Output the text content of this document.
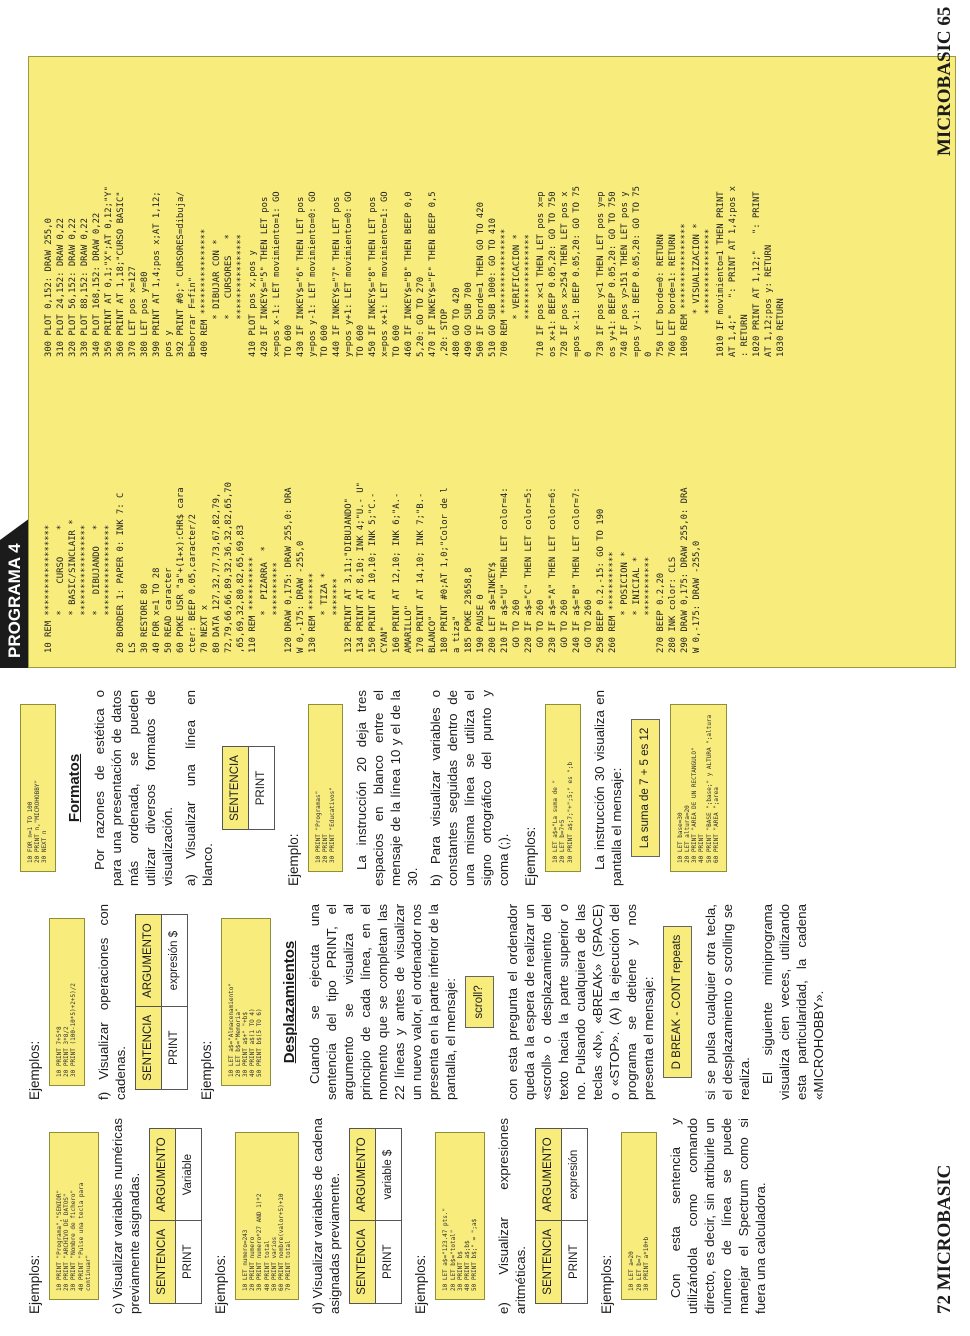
72 MICROBASIC

Ejemplos:	10 PRINT "Programa","SENIOR"
20 PRINT "ARCHIVO DE DATOS"
30 PRINT "Nombre de fichero"
40 PRINT "Pulse una tecla para
continuar"	c) Visualizar variables numéricas previamente asignadas. SENTENCIA	ARGUMENTO
PRINT	Variable

Ejemplos:	10 LET numero=243
20 PRINT numero
30 PRINT numero*27 AND 1)*2
40 PRINT total
50 PRINT varios
60 PRINT nombre(valor+5)+10
70 PRINT total	d) Visualizar variables de cadena asignadas previamente. SENTENCIA	ARGUMENTO
PRINT	variable $

Ejemplos:	10 LET a$="123.47 pts."
20 LET b$="total"
30 PRINT b$
40 PRINT a$;b$
50 PRINT b$;" = ";a$	e) Visualizar expresiones aritméticas. SENTENCIA	ARGUMENTO
PRINT	expresión

Ejemplos:	10 LET a=20
20 LET b=7
30 PRINT a*10+b	Con esta sentencia y utilizándola como comando directo, es decir, sin atribuirle un número de línea se puede manejar el Spectrum como si fuera una calculadora.

Ejemplos:	10 PRINT 7+5*8
20 PRINT 3*8/2
30 PRINT (100-10*5)+2+5)/2	f) Visualizar operaciones con cadenas. SENTENCIA	ARGUMENTO
PRINT	expresión $

Ejemplos:	10 LET a$="Almacenamiento"
20 LET b$="Memoria"
30 PRINT a$+" "+b$
40 PRINT a$(1 TO 4)
50 PRINT b$(5 TO 6)	Desplazamientos Cuando se ejecuta una sentencia del tipo PRINT, el argumento se visualiza al principio de cada línea, en el momento que se completan las 22 líneas y antes de visualizar un nuevo valor, el ordenador nos presenta en la parte inferior de la pantalla, el mensaje:	scroll?	con esta pregunta el ordenador queda a la espera de realizar un «scroll» o desplazamiento del texto hacia la parte superior o no. Pulsando cualquiera de las teclas «N», «BREAK» (SPACE) o «STOP». (A) la ejecución del programa se detiene y nos presenta el mensaje:	D BREAK - CONT repeats	si se pulsa cualquier otra tecla, el desplazamiento o scrolling se realiza. El siguiente miniprograma visualiza cien veces, utilizando esta particularidad, la cadena «MICROHOBBY».

10 FOR n=1 TO 100
20 PRINT n,"MICROHOBBY"
30 NEXT n

Formatos Por razones de estética o para una presentación de datos más ordenada, se pueden utilizar diversos formatos de visualización. a) Visualizar una línea en blanco.

SENTENCIA
PRINT

Ejemplo:	10 PRINT "Programas"
20 PRINT
30 PRINT "Educativos"	La instrucción 20 deja tres espacios en blanco entre el mensaje de la línea 10 y el de la 30. b) Para visualizar variables o constantes seguidas dentro de una misma línea se utiliza el signo ortográfico del punto y coma (;). Ejemplos:	10 LET a$="La suma de "
20 LET b=7+5
30 PRINT a$;7;"+";5;" es ";b	La instrucción 30 visualiza en pantalla el mensaje:	La suma de 7 + 5 es 12
10 LET base=30
20 LET altura=20
30 PRINT "AREA DE UN RECTANGULO"
40 PRINT
50 PRINT "BASE ";base;" y ALTURA ";altura
60 PRINT "AREA ";area
PROGRAMA 4	10 REM *****************
*     CURSO     *
* BASIC/SINCLAIR *
*****************
*   DIBUJANDO   *
*****************
20 BORDER 1: PAPER 0: INK 7: C
LS
30 RESTORE 80
40 FOR x=1 TO 28
50 READ caracter
60 POKE USR "a"+(1+x):CHR$ cara
cter: BEEP 0.05,caracter/2
70 NEXT x
80 DATA 127,32,77,73,67,82,79,
72,79,66,66,89,32,36,32,82,65,70
,65,69,32,80,82,65,69,83
110 REM **********
*  PIZARRA  *
**********
120 DRAW 0,175: DRAW 255,0: DRA
W 0,-175: DRAW -255,0
130 REM *******
* TIZA *
*******
132 PRINT AT 3,11;"DIBUJANDO"
134 PRINT AT 8,10; INK 4;"U.- U"
150 PRINT AT 10,10; INK 5;"C.-
CYAN"
160 PRINT AT 12,10; INK 6;"A.-
AMARILLO"
170 PRINT AT 14,10; INK 7;"B.-
BLANCO"
180 PRINT #0;AT 1,0;"Color de l
a tiza"
185 POKE 23658,8
190 PAUSE 0
200 LET a$=INKEY$
210 IF a$="U" THEN LET color=4:
GO TO 260
220 IF a$="C" THEN LET color=5:
GO TO 260
230 IF a$="A" THEN LET color=6:
GO TO 260
240 IF a$="B" THEN LET color=7:
GO TO 260
250 BEEP 0.2,-15: GO TO 190
260 REM ***********
* POSICION *
* INICIAL *
***********
270 BEEP 0.2,20
280 INK color: CLS
290 DRAW 0,175: DRAW 255,0: DRA
W 0,-175: DRAW -255,0
300 PLOT 0,152: DRAW 255,0
310 PLOT 24,152: DRAW 0,22
320 PLOT 56,152: DRAW 0,22
330 PLOT 88,152: DRAW 0,22
340 PLOT 168,152: DRAW 0,22
350 PRINT AT 0,1;"X";AT 0,12;"Y"
360 PRINT AT 1,18;"CURSO BASIC"
370 LET pos x=127
380 LET pos y=80
390 PRINT AT 1,4;pos x;AT 1,12;
pos y
392 PRINT #0;" CURSORES=dibuja/
B=borrar F=fin"
400 REM ****************
* DIBUJAR CON *
*   CURSORES   *
****************
410 PLOT pos x,pos y
420 IF INKEY$="5" THEN LET pos
x=pos x-1: LET movimiento=1: GO
TO 600
430 IF INKEY$="6" THEN LET pos
y=pos y-1: LET movimiento=0: GO
TO 600
440 IF INKEY$="7" THEN LET pos
y=pos y+1: LET movimiento=0: GO
TO 600
450 IF INKEY$="8" THEN LET pos
x=pos x+1: LET movimiento=1: GO
TO 600
460 IF INKEY$="B" THEN BEEP 0,0
5,20: GO TO 270
470 IF INKEY$="F" THEN BEEP 0,5
,20: STOP
480 GO TO 420
490 GO SUB 700
500 IF borde=1 THEN GO TO 420
510 GO SUB 1000: GO TO 410
700 REM ****************
* VERIFICACION *
****************
710 IF pos x<1 THEN LET pos x=p
os x+1: BEEP 0.05,20: GO TO 750
720 IF pos x>254 THEN LET pos x
=pos x-1: BEEP 0.05,20: GO TO 75
0
730 IF pos y<1 THEN LET pos y=p
os y+1: BEEP 0.05,20: GO TO 750
740 IF pos y>151 THEN LET pos y
=pos y-1: BEEP 0.05,20: GO TO 75
0
750 LET borde=0: RETURN
760 LET borde=1: RETURN
1000 REM ****************
* VISUALIZACION *
****************
1010 IF movimiento=1 THEN PRINT
AT 1,4;"   ": PRINT AT 1,4;pos x
: RETURN
1020 PRINT AT 1,12;"   ": PRINT
AT 1,12;pos y: RETURN
1030 RETURN
MICROBASIC 65
